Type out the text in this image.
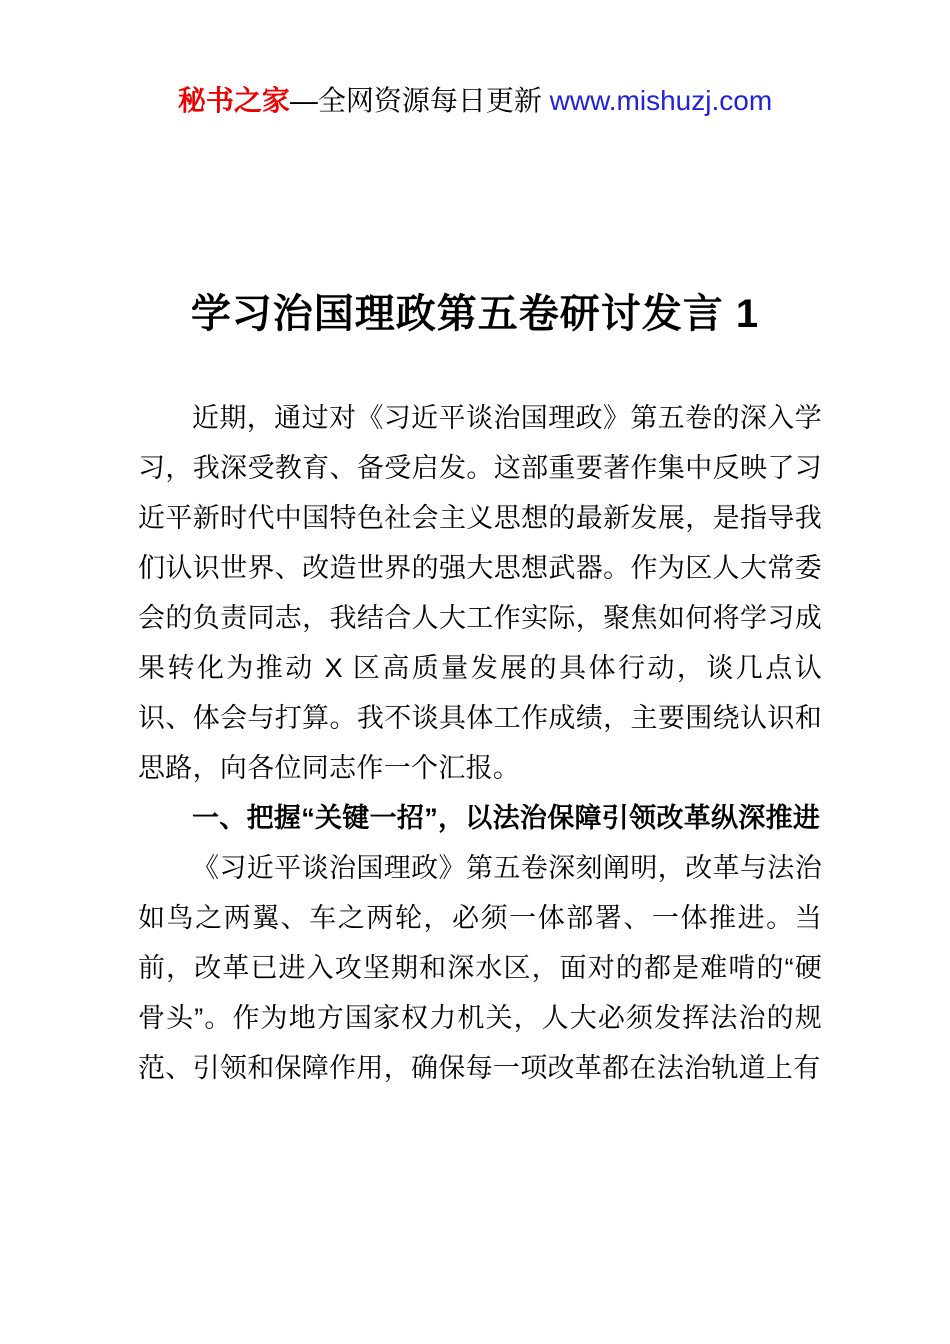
秘书之家—全网资源每日更新 www.mishuzj.com
学习治国理政第五卷研讨发言 1

近期，通过对《习近平谈治国理政》第五卷的深入学习，我深受教育、备受启发。这部重要著作集中反映了习近平新时代中国特色社会主义思想的最新发展，是指导我们认识世界、改造世界的强大思想武器。作为区人大常委会的负责同志，我结合人大工作实际，聚焦如何将学习成果转化为推动 X 区高质量发展的具体行动，谈几点认识、体会与打算。我不谈具体工作成绩，主要围绕认识和思路，向各位同志作一个汇报。

一、把握“关键一招”，以法治保障引领改革纵深推进

《习近平谈治国理政》第五卷深刻阐明，改革与法治如鸟之两翼、车之两轮，必须一体部署、一体推进。当前，改革已进入攻坚期和深水区，面对的都是难啃的“硬骨头”。作为地方国家权力机关，人大必须发挥法治的规范、引领和保障作用，确保每一项改革都在法治轨道上有
